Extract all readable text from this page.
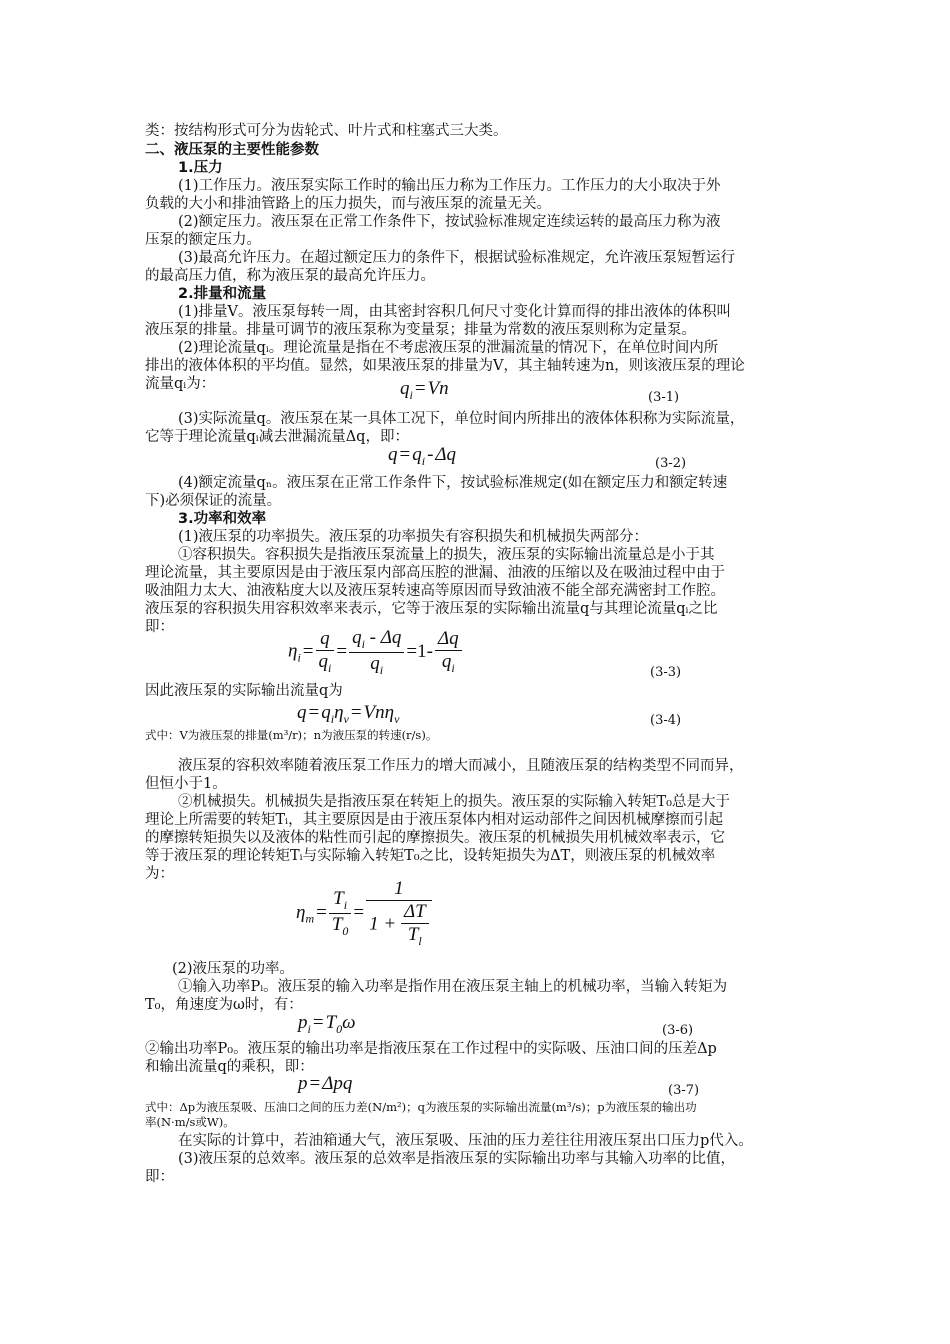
类：按结构形式可分为齿轮式、叶片式和柱塞式三大类。
二、液压泵的主要性能参数
1.压力
(1)工作压力。液压泵实际工作时的输出压力称为工作压力。工作压力的大小取决于外
负载的大小和排油管路上的压力损失，而与液压泵的流量无关。
(2)额定压力。液压泵在正常工作条件下，按试验标准规定连续运转的最高压力称为液
压泵的额定压力。
(3)最高允许压力。在超过额定压力的条件下，根据试验标准规定，允许液压泵短暂运行
的最高压力值，称为液压泵的最高允许压力。
2.排量和流量
(1)排量V。液压泵每转一周，由其密封容积几何尺寸变化计算而得的排出液体的体积叫
液压泵的排量。排量可调节的液压泵称为变量泵；排量为常数的液压泵则称为定量泵。
(2)理论流量qᵢ。理论流量是指在不考虑液压泵的泄漏流量的情况下，在单位时间内所
排出的液体体积的平均值。显然，如果液压泵的排量为V，其主轴转速为n，则该液压泵的理论
流量qᵢ为：	$q_i = Vn$	(3-1)
(3)实际流量q。液压泵在某一具体工况下，单位时间内所排出的液体体积称为实际流量，
它等于理论流量qᵢ减去泄漏流量Δq，即：
$q = q_i - \Delta q$	(3-2)
(4)额定流量qₙ。液压泵在正常工作条件下，按试验标准规定(如在额定压力和额定转速
下)必须保证的流量。
3.功率和效率
(1)液压泵的功率损失。液压泵的功率损失有容积损失和机械损失两部分：
①容积损失。容积损失是指液压泵流量上的损失，液压泵的实际输出流量总是小于其
理论流量，其主要原因是由于液压泵内部高压腔的泄漏、油液的压缩以及在吸油过程中由于
吸油阻力太大、油液粘度大以及液压泵转速高等原因而导致油液不能全部充满密封工作腔。
液压泵的容积损失用容积效率来表示，它等于液压泵的实际输出流量q与其理论流量qᵢ之比
即：
$\eta_i = \frac{q}{q_i} = \frac{q_i - \Delta q}{q_i} =1- \frac{\Delta q}{q_i}$	(3-3)
因此液压泵的实际输出流量q为
$q = q_i\eta_v = Vn\eta_v$	(3-4)
式中：V为液压泵的排量(m³/r)；n为液压泵的转速(r/s)。
液压泵的容积效率随着液压泵工作压力的增大而减小，且随液压泵的结构类型不同而异，
但恒小于1。
②机械损失。机械损失是指液压泵在转矩上的损失。液压泵的实际输入转矩T₀总是大于
理论上所需要的转矩Tᵢ，其主要原因是由于液压泵体内相对运动部件之间因机械摩擦而引起
的摩擦转矩损失以及液体的粘性而引起的摩擦损失。液压泵的机械损失用机械效率表示，它
等于液压泵的理论转矩Tᵢ与实际输入转矩T₀之比，设转矩损失为ΔT，则液压泵的机械效率
为：
$\eta_m = \frac{T_i}{T_0} = \frac{1}{1 + \frac{\Delta T}{T_l}}$
(2)液压泵的功率。
①输入功率Pᵢ。液压泵的输入功率是指作用在液压泵主轴上的机械功率，当输入转矩为
T₀，角速度为ω时，有：
$p_i = T_0\omega$	(3-6)
②输出功率P₀。液压泵的输出功率是指液压泵在工作过程中的实际吸、压油口间的压差Δp
和输出流量q的乘积，即：
p = Δpq	(3-7)
式中：Δp为液压泵吸、压油口之间的压力差(N/m²)；q为液压泵的实际输出流量(m³/s)；p为液压泵的输出功
率(N·m/s或W)。
在实际的计算中，若油箱通大气，液压泵吸、压油的压力差往往用液压泵出口压力p代入。
(3)液压泵的总效率。液压泵的总效率是指液压泵的实际输出功率与其输入功率的比值，
即：
